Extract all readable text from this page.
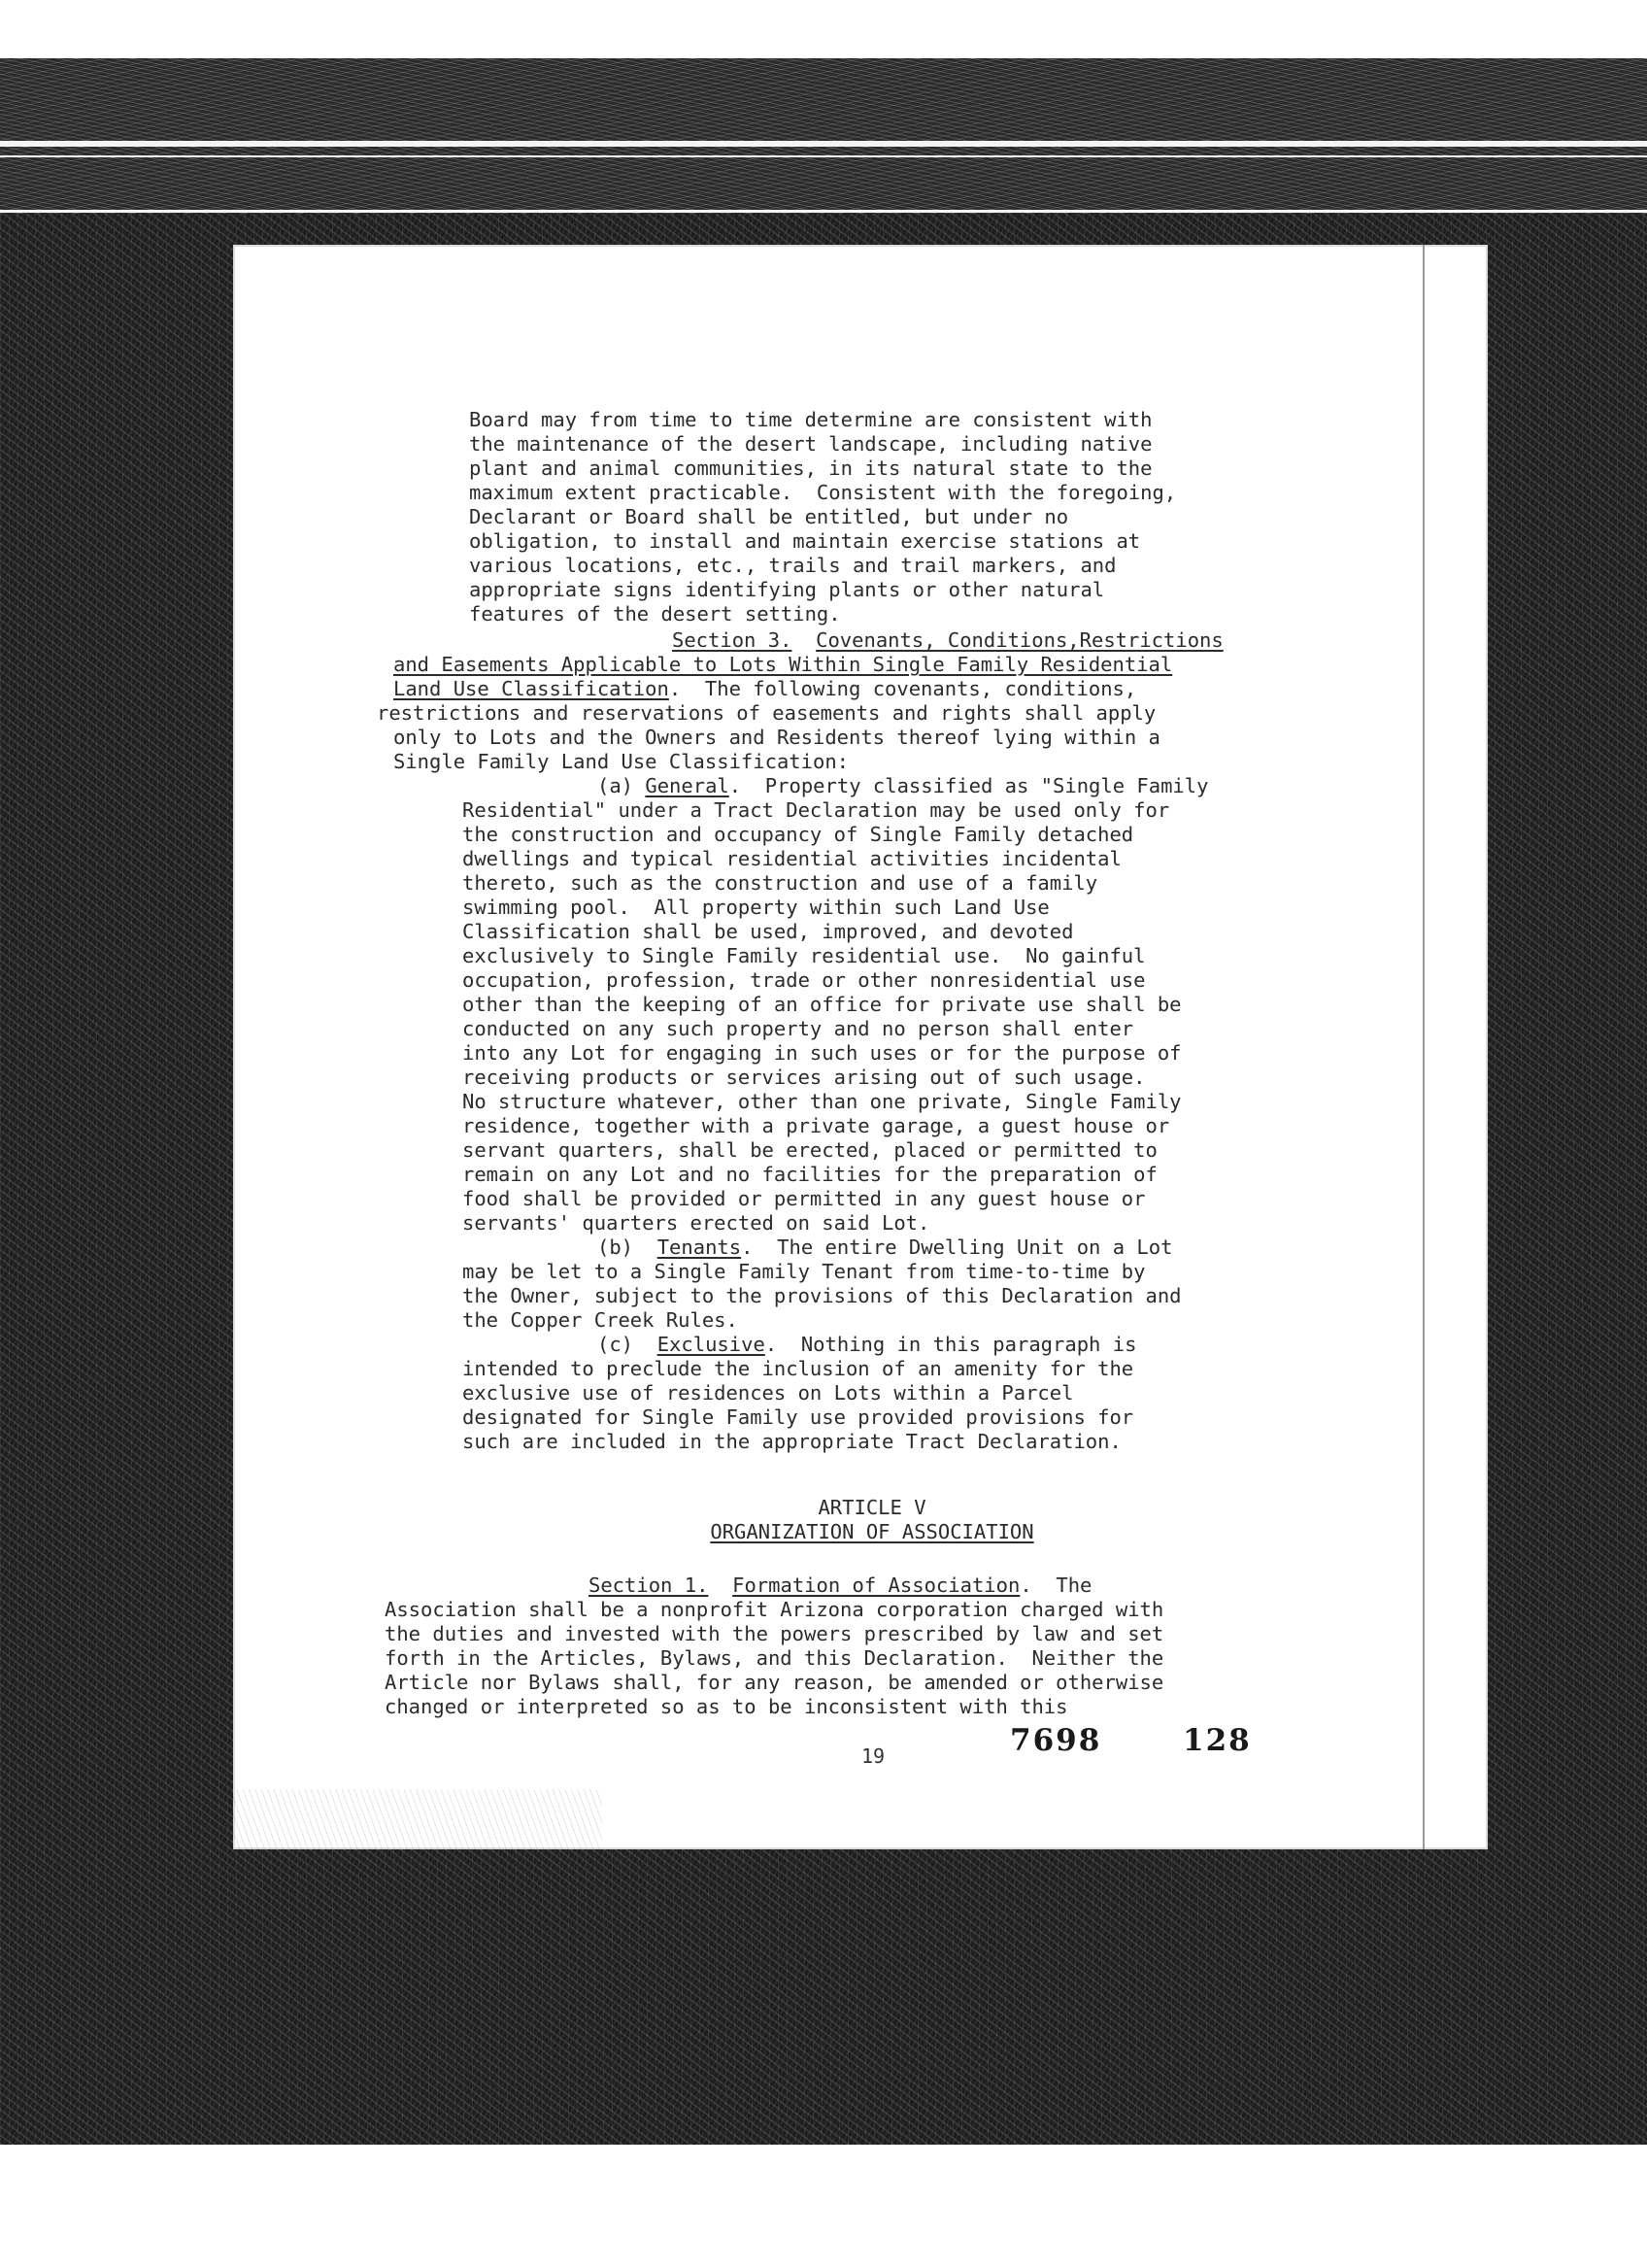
Board may from time to time determine are consistent with

the maintenance of the desert landscape, including native

plant and animal communities, in its natural state to the

maximum extent practicable.  Consistent with the foregoing,

Declarant or Board shall be entitled, but under no

obligation, to install and maintain exercise stations at

various locations, etc., trails and trail markers, and

appropriate signs identifying plants or other natural

features of the desert setting.

Section 3. Covenants, Conditions,Restrictions

and Easements Applicable to Lots Within Single Family Residential

Land Use Classification.  The following covenants, conditions,

restrictions and reservations of easements and rights shall apply

only to Lots and the Owners and Residents thereof lying within a

Single Family Land Use Classification:

(a) General.  Property classified as "Single Family

Residential" under a Tract Declaration may be used only for

the construction and occupancy of Single Family detached

dwellings and typical residential activities incidental

thereto, such as the construction and use of a family

swimming pool.  All property within such Land Use

Classification shall be used, improved, and devoted

exclusively to Single Family residential use.  No gainful

occupation, profession, trade or other nonresidential use

other than the keeping of an office for private use shall be

conducted on any such property and no person shall enter

into any Lot for engaging in such uses or for the purpose of

receiving products or services arising out of such usage.

No structure whatever, other than one private, Single Family

residence, together with a private garage, a guest house or

servant quarters, shall be erected, placed or permitted to

remain on any Lot and no facilities for the preparation of

food shall be provided or permitted in any guest house or

servants' quarters erected on said Lot.

(b) Tenants.  The entire Dwelling Unit on a Lot

may be let to a Single Family Tenant from time-to-time by

the Owner, subject to the provisions of this Declaration and

the Copper Creek Rules.

(c) Exclusive.  Nothing in this paragraph is

intended to preclude the inclusion of an amenity for the

exclusive use of residences on Lots within a Parcel

designated for Single Family use provided provisions for

such are included in the appropriate Tract Declaration.

ARTICLE V

ORGANIZATION OF ASSOCIATION

Section 1. Formation of Association.  The

Association shall be a nonprofit Arizona corporation charged with

the duties and invested with the powers prescribed by law and set

forth in the Articles, Bylaws, and this Declaration.  Neither the

Article nor Bylaws shall, for any reason, be amended or otherwise

changed or interpreted so as to be inconsistent with this

19

	7698

	128
